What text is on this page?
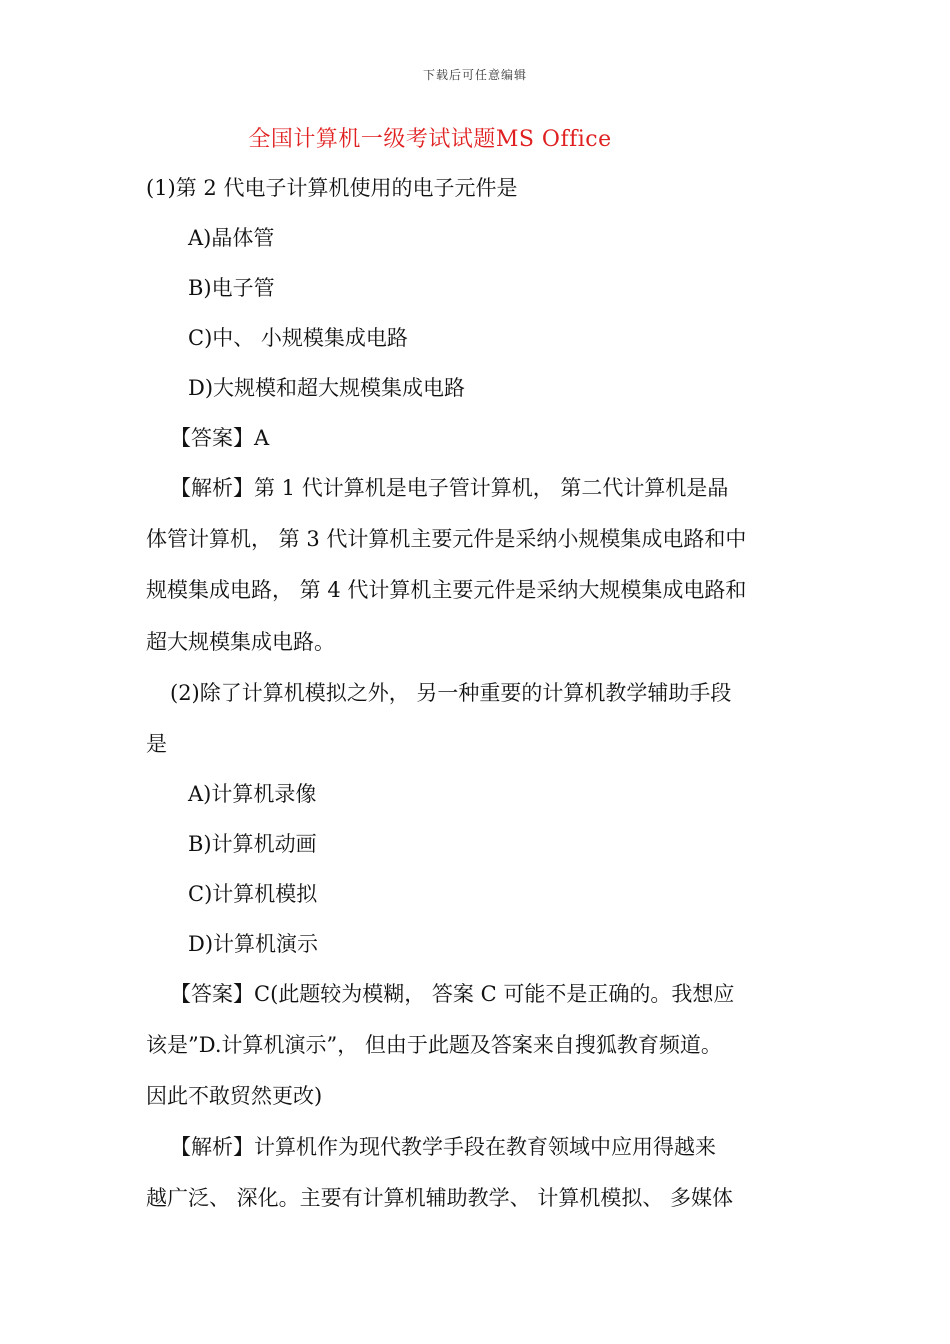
下载后可任意编辑
全国计算机一级考试试题MS Office
(1)第 2 代电子计算机使用的电子元件是
A)晶体管
B)电子管
C)中、 小规模集成电路
D)大规模和超大规模集成电路
【答案】A
【解析】第 1 代计算机是电子管计算机， 第二代计算机是晶
体管计算机， 第 3 代计算机主要元件是采纳小规模集成电路和中
规模集成电路， 第 4 代计算机主要元件是采纳大规模集成电路和
超大规模集成电路。
(2)除了计算机模拟之外， 另一种重要的计算机教学辅助手段
是
A)计算机录像
B)计算机动画
C)计算机模拟
D)计算机演示
【答案】C(此题较为模糊， 答案 C 可能不是正确的。我想应
该是”D.计算机演示”， 但由于此题及答案来自搜狐教育频道。
因此不敢贸然更改)
【解析】计算机作为现代教学手段在教育领域中应用得越来
越广泛、 深化。主要有计算机辅助教学、 计算机模拟、 多媒体
